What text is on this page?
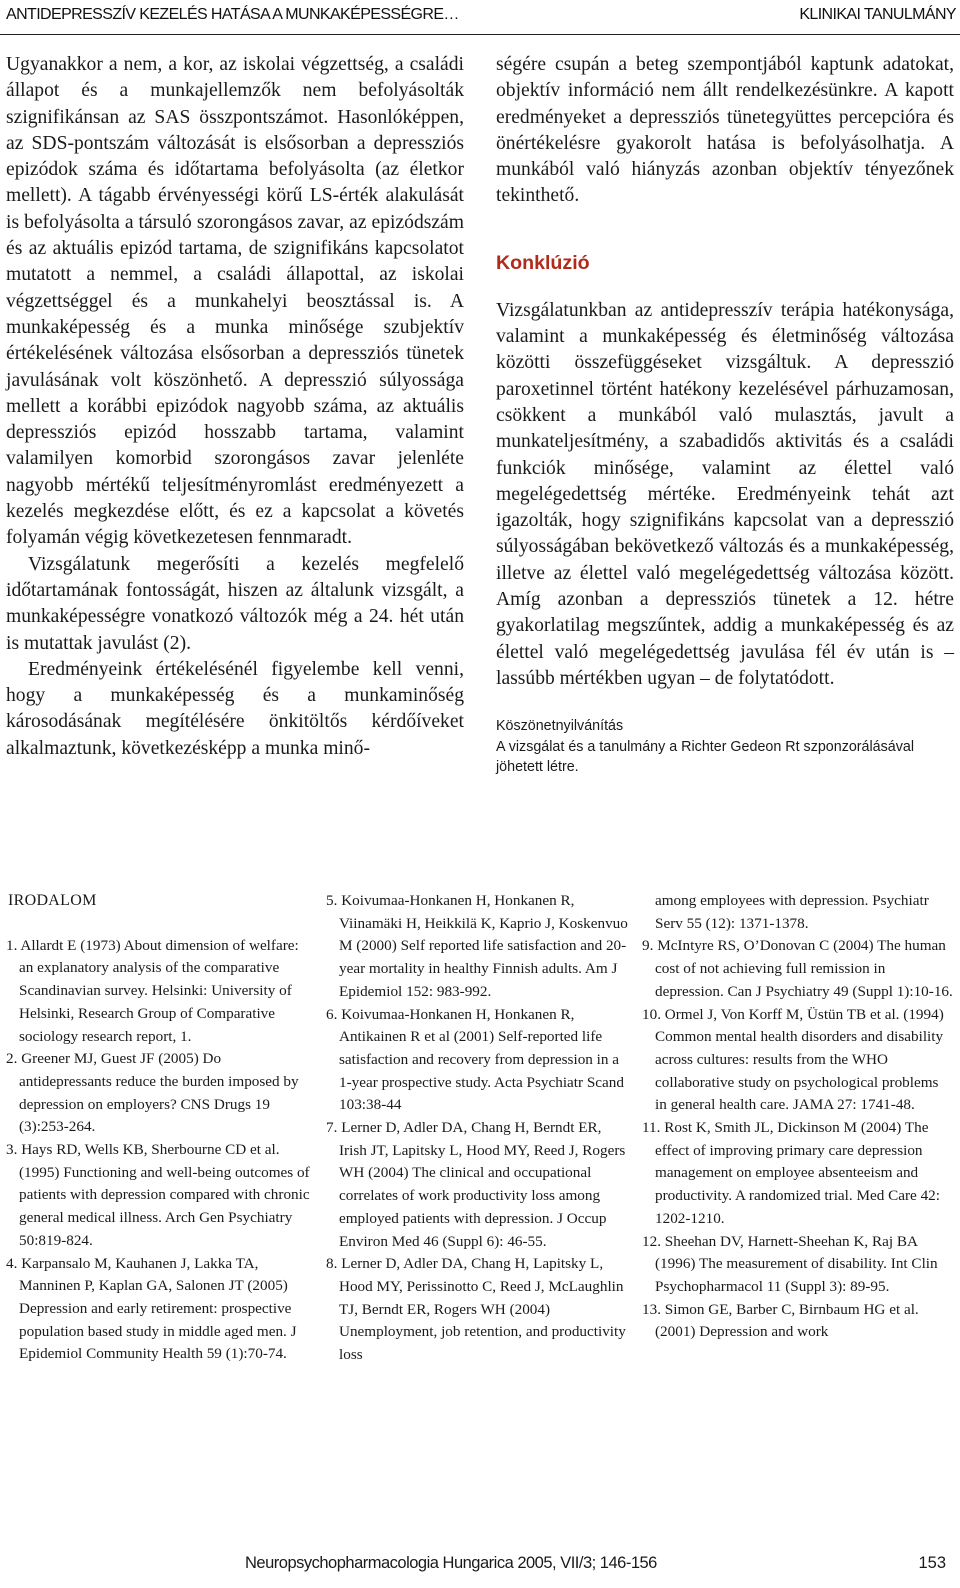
ANTIDEPRESSZÍV KEZELÉS HATÁSA A MUNKAKÉPESSÉGRE…	KLINIKAI TANULMÁNY

Ugyanakkor a nem, a kor, az iskolai végzettség, a családi állapot és a munkajellemzők nem befolyásolták szignifikánsan az SAS összpontszámot. Hasonlóképpen, az SDS-pontszám változását is elsősorban a depressziós epizódok száma és időtartama befolyásolta (az életkor mellett). A tágabb érvényességi körű LS-érték alakulását is befolyásolta a társuló szorongásos zavar, az epizódszám és az aktuális epizód tartama, de szignifikáns kapcsolatot mutatott a nemmel, a családi állapottal, az iskolai végzettséggel és a munkahelyi beosztással is. A munkaképesség és a munka minősége szubjektív értékelésének változása elsősorban a depressziós tünetek javulásának volt köszönhető. A depresszió súlyossága mellett a korábbi epizódok nagyobb száma, az aktuális depressziós epizód hosszabb tartama, valamint valamilyen komorbid szorongásos zavar jelenléte nagyobb mértékű teljesítményromlást eredményezett a kezelés megkezdése előtt, és ez a kapcsolat a követés folyamán végig következetesen fennmaradt.

Vizsgálatunk megerősíti a kezelés megfelelő időtartamának fontosságát, hiszen az általunk vizsgált, a munkaképességre vonatkozó változók még a 24. hét után is mutattak javulást (2).

Eredményeink értékelésénél figyelembe kell venni, hogy a munkaképesség és a munkaminőség károsodásának megítélésére önkitöltős kérdőíveket alkalmaztunk, következésképp a munka minő-

ségére csupán a beteg szempontjából kaptunk adatokat, objektív információ nem állt rendelkezésünkre. A kapott eredményeket a depressziós tünetegyüttes percepcióra és önértékelésre gyakorolt hatása is befolyásolhatja. A munkából való hiányzás azonban objektív tényezőnek tekinthető.

Konklúzió

Vizsgálatunkban az antidepresszív terápia hatékonysága, valamint a munkaképesség és életminőség változása közötti összefüggéseket vizsgáltuk. A depresszió paroxetinnel történt hatékony kezelésével párhuzamosan, csökkent a munkából való mulasztás, javult a munkateljesítmény, a szabadidős aktivitás és a családi funkciók minősége, valamint az élettel való megelégedettség mértéke. Eredményeink tehát azt igazolták, hogy szignifikáns kapcsolat van a depresszió súlyosságában bekövetkező változás és a munkaképesség, illetve az élettel való megelégedettség változása között. Amíg azonban a depressziós tünetek a 12. hétre gyakorlatilag megszűntek, addig a munkaképesség és az élettel való megelégedettség javulása fél év után is – lassúbb mértékben ugyan – de folytatódott.

Köszönetnyilvánítás
A vizsgálat és a tanulmány a Richter Gedeon Rt szponzorálásával jöhetett létre.
IRODALOM

1. Allardt E (1973) About dimension of welfare: an explanatory analysis of the comparative Scandinavian survey. Helsinki: University of Helsinki, Research Group of Comparative sociology research report, 1.

2. Greener MJ, Guest JF (2005) Do antidepressants reduce the burden imposed by depression on employers? CNS Drugs 19 (3):253-264.

3. Hays RD, Wells KB, Sherbourne CD et al. (1995) Functioning and well-being outcomes of patients with depression compared with chronic general medical illness. Arch Gen Psychiatry 50:819-824.

4. Karpansalo M, Kauhanen J, Lakka TA, Manninen P, Kaplan GA, Salonen JT (2005) Depression and early retirement: prospective population based study in middle aged men. J Epidemiol Community Health 59 (1):70-74.

5. Koivumaa-Honkanen H, Honkanen R, Viinamäki H, Heikkilä K, Kaprio J, Koskenvuo M (2000) Self reported life satisfaction and 20-year mortality in healthy Finnish adults. Am J Epidemiol 152: 983-992.

6. Koivumaa-Honkanen H, Honkanen R, Antikainen R et al (2001) Self-reported life satisfaction and recovery from depression in a 1-year prospective study. Acta Psychiatr Scand 103:38-44

7. Lerner D, Adler DA, Chang H, Berndt ER, Irish JT, Lapitsky L, Hood MY, Reed J, Rogers WH (2004) The clinical and occupational correlates of work productivity loss among employed patients with depression. J Occup Environ Med 46 (Suppl 6): 46-55.

8. Lerner D, Adler DA, Chang H, Lapitsky L, Hood MY, Perissinotto C, Reed J, McLaughlin TJ, Berndt ER, Rogers WH (2004) Unemployment, job retention, and productivity loss

among employees with depression. Psychiatr Serv 55 (12): 1371-1378.

9. McIntyre RS, O’Donovan C (2004) The human cost of not achieving full remission in depression. Can J Psychiatry 49 (Suppl 1):10-16.

10. Ormel J, Von Korff M, Üstün TB et al. (1994) Common mental health disorders and disability across cultures: results from the WHO collaborative study on psychological problems in general health care. JAMA 27: 1741-48.

11. Rost K, Smith JL, Dickinson M (2004) The effect of improving primary care depression management on employee absenteeism and productivity. A randomized trial. Med Care 42: 1202-1210.

12. Sheehan DV, Harnett-Sheehan K, Raj BA (1996) The measurement of disability. Int Clin Psychopharmacol 11 (Suppl 3): 89-95.

13. Simon GE, Barber C, Birnbaum HG et al. (2001) Depression and work

Neuropsychopharmacologia Hungarica 2005, VII/3; 146-156	153
